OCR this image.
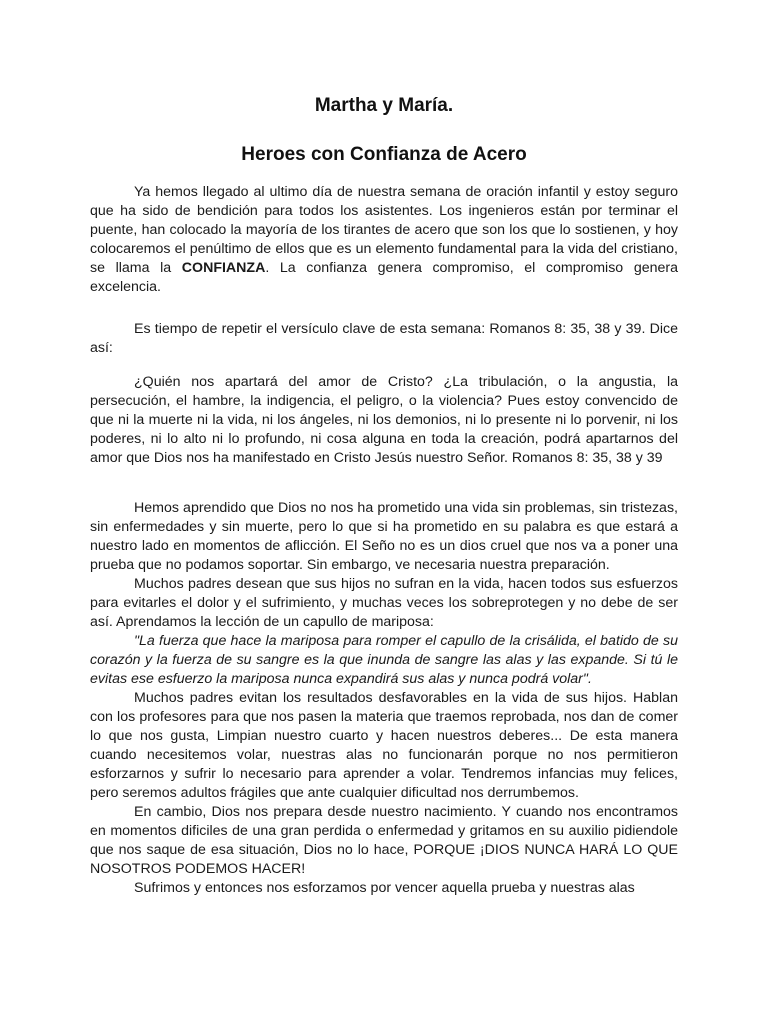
Martha y María.
Heroes con Confianza de Acero

Ya hemos llegado al ultimo día de nuestra semana de oración infantil y estoy seguro que ha sido de bendición para todos los asistentes. Los ingenieros están por terminar el puente, han colocado la mayoría de los tirantes de acero que son los que lo sostienen, y hoy colocaremos el penúltimo de ellos que es un elemento fundamental para la vida del cristiano, se llama la CONFIANZA. La confianza genera compromiso, el compromiso genera excelencia.

Es tiempo de repetir el versículo clave de esta semana: Romanos 8: 35, 38 y 39. Dice así:

¿Quién nos apartará del amor de Cristo? ¿La tribulación, o la angustia, la persecución, el hambre, la indigencia, el peligro, o la violencia? Pues estoy convencido de que ni la muerte ni la vida, ni los ángeles, ni los demonios, ni lo presente ni lo porvenir, ni los poderes, ni lo alto ni lo profundo, ni cosa alguna en toda la creación, podrá apartarnos del amor que Dios nos ha manifestado en Cristo Jesús nuestro Señor. Romanos 8: 35, 38 y 39

Hemos aprendido que Dios no nos ha prometido una vida sin problemas, sin tristezas, sin enfermedades y sin muerte, pero lo que si ha prometido en su palabra es que estará a nuestro lado en momentos de aflicción. El Seño no es un dios cruel que nos va a poner una prueba que no podamos soportar. Sin embargo, ve necesaria nuestra preparación.

Muchos padres desean que sus hijos no sufran en la vida, hacen todos sus esfuerzos para evitarles el dolor y el sufrimiento, y muchas veces los sobreprotegen y no debe de ser así. Aprendamos la lección de un capullo de mariposa:

"La fuerza que hace la mariposa para romper el capullo de la crisálida, el batido de su corazón y la fuerza de su sangre es la que inunda de sangre las alas y las expande. Si tú le evitas ese esfuerzo la mariposa nunca expandirá sus alas y nunca podrá volar".

Muchos padres evitan los resultados desfavorables en la vida de sus hijos. Hablan con los profesores para que nos pasen la materia que traemos reprobada, nos dan de comer lo que nos gusta, Limpian nuestro cuarto y hacen nuestros deberes... De esta manera cuando necesitemos volar, nuestras alas no funcionarán porque no nos permitieron esforzarnos y sufrir lo necesario para aprender a volar. Tendremos infancias muy felices, pero seremos adultos frágiles que ante cualquier dificultad nos derrumbemos.

En cambio, Dios nos prepara desde nuestro nacimiento. Y cuando nos encontramos en momentos dificiles de una gran perdida o enfermedad y gritamos en su auxilio pidiendole que nos saque de esa situación, Dios no lo hace, PORQUE ¡DIOS NUNCA HARÁ LO QUE NOSOTROS PODEMOS HACER!

Sufrimos y entonces nos esforzamos por vencer aquella prueba y nuestras alas
